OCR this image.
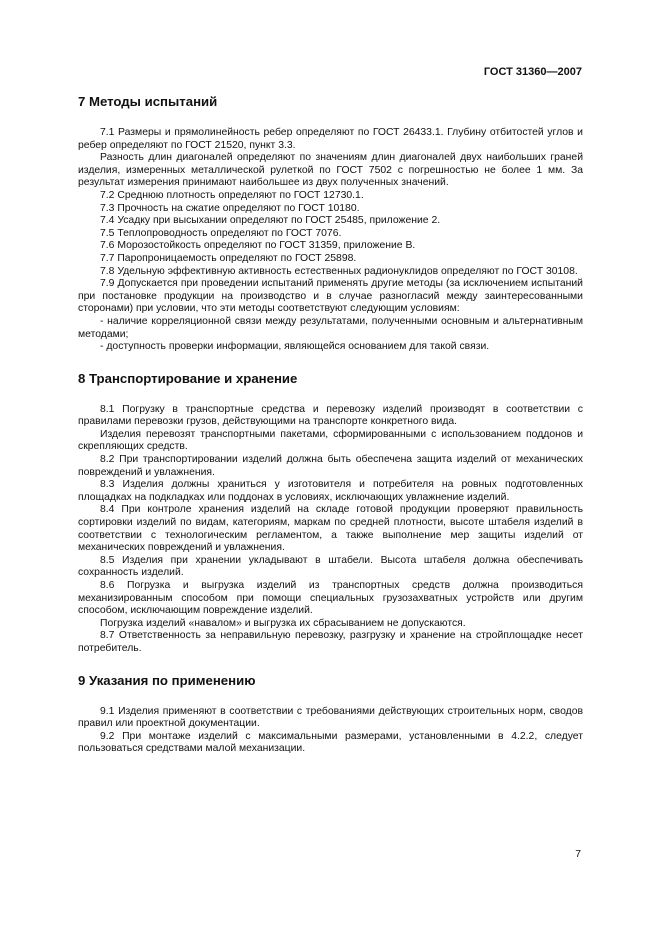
ГОСТ 31360—2007
7 Методы испытаний

7.1 Размеры и прямолинейность ребер определяют по ГОСТ 26433.1. Глубину отбитостей углов и ребер определяют по ГОСТ 21520, пункт 3.3.

Разность длин диагоналей определяют по значениям длин диагоналей двух наибольших граней изделия, измеренных металлической рулеткой по ГОСТ 7502 с погрешностью не более 1 мм. За результат измерения принимают наибольшее из двух полученных значений.

7.2 Среднюю плотность определяют по ГОСТ 12730.1.

7.3 Прочность на сжатие определяют по ГОСТ 10180.

7.4 Усадку при высыхании определяют по ГОСТ 25485, приложение 2.

7.5 Теплопроводность определяют по ГОСТ 7076.

7.6 Морозостойкость определяют по ГОСТ 31359, приложение В.

7.7 Паропроницаемость определяют по ГОСТ 25898.

7.8 Удельную эффективную активность естественных радионуклидов определяют по ГОСТ 30108.

7.9 Допускается при проведении испытаний применять другие методы (за исключением испытаний при постановке продукции на производство и в случае разногласий между заинтересованными сторонами) при условии, что эти методы соответствуют следующим условиям:

- наличие корреляционной связи между результатами, полученными основным и альтернативным методами;

- доступность проверки информации, являющейся основанием для такой связи.

8 Транспортирование и хранение

8.1 Погрузку в транспортные средства и перевозку изделий производят в соответствии с правилами перевозки грузов, действующими на транспорте конкретного вида.

Изделия перевозят транспортными пакетами, сформированными с использованием поддонов и скрепляющих средств.

8.2 При транспортировании изделий должна быть обеспечена защита изделий от механических повреждений и увлажнения.

8.3 Изделия должны храниться у изготовителя и потребителя на ровных подготовленных площадках на подкладках или поддонах в условиях, исключающих увлажнение изделий.

8.4 При контроле хранения изделий на складе готовой продукции проверяют правильность сортировки изделий по видам, категориям, маркам по средней плотности, высоте штабеля изделий в соответствии с технологическим регламентом, а также выполнение мер защиты изделий от механических повреждений и увлажнения.

8.5 Изделия при хранении укладывают в штабели. Высота штабеля должна обеспечивать сохранность изделий.

8.6 Погрузка и выгрузка изделий из транспортных средств должна производиться механизированным способом при помощи специальных грузозахватных устройств или другим способом, исключающим повреждение изделий.

Погрузка изделий «навалом» и выгрузка их сбрасыванием не допускаются.

8.7 Ответственность за неправильную перевозку, разгрузку и хранение на стройплощадке несет потребитель.

9 Указания по применению

9.1 Изделия применяют в соответствии с требованиями действующих строительных норм, сводов правил или проектной документации.

9.2 При монтаже изделий с максимальными размерами, установленными в 4.2.2, следует пользоваться средствами малой механизации.

7
